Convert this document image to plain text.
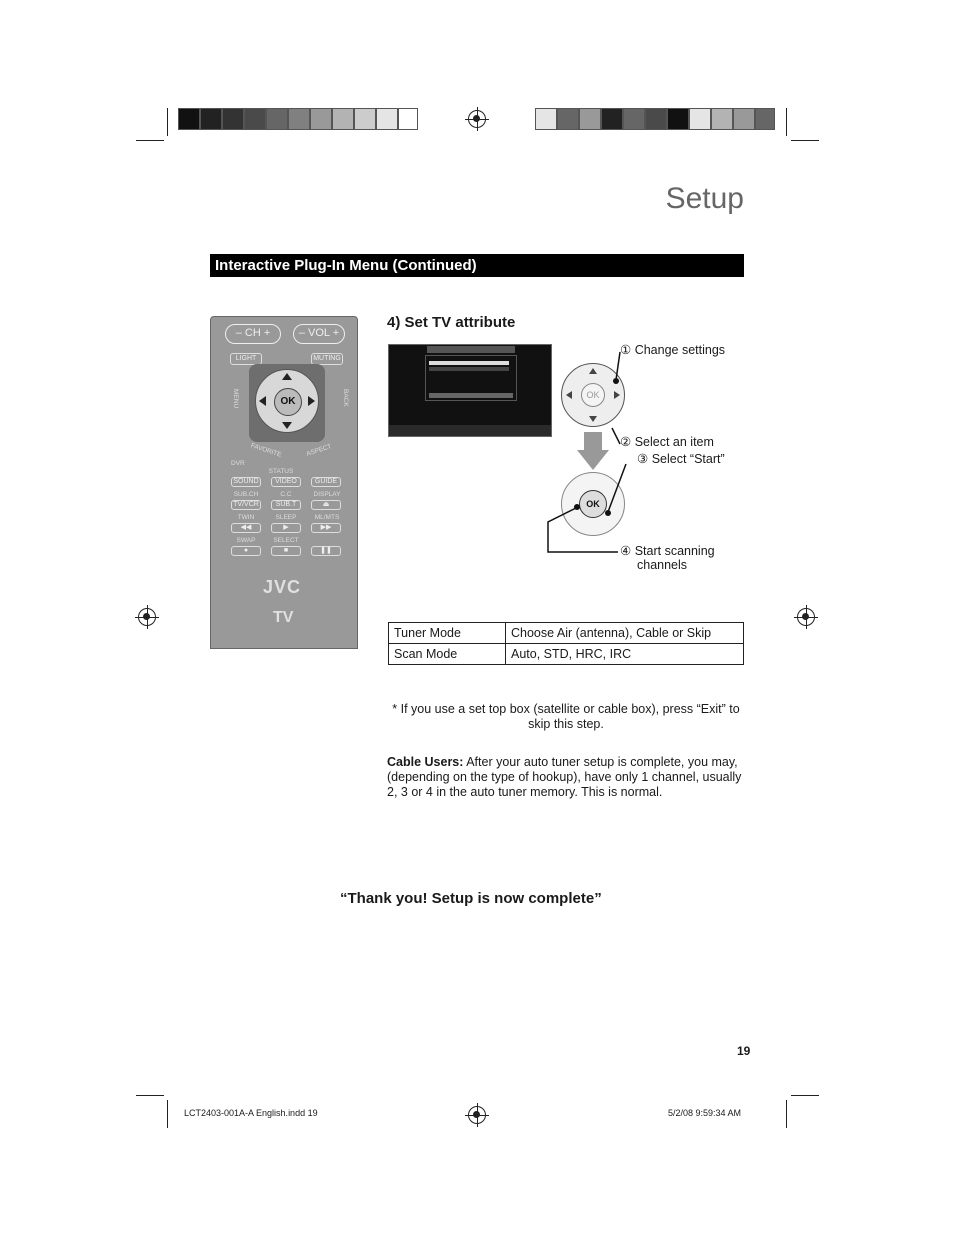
Setup
Interactive Plug-In Menu (Continued)
4) Set TV attribute
– CH +	– VOL +
LIGHT	MUTING
OK
MENU	BACK
FAVORITE	ASPECT
DVR
STATUS
SOUND	VIDEO	GUIDE
SUB.CH	C.C	DISPLAY
TV/VCR	SUB.T	⏏
TWIN	SLEEP	ML/MTS
◀◀	▶	▶▶
SWAP	SELECT
●	■	❚❚
JVC
TV
OK
OK
① Change settings
② Select an item
③ Select “Start”
④ Start scanning
channels
Tuner Mode	Choose Air (antenna), Cable or Skip
Scan Mode	Auto, STD, HRC, IRC
* If you use a set top box (satellite or cable box), press “Exit” to
skip this step.
Cable Users: After your auto tuner setup is complete, you may,
(depending on the type of hookup), have only 1 channel, usually
2, 3 or 4 in the auto tuner memory. This is normal.
“Thank you! Setup is now complete”
19
LCT2403-001A-A English.indd 19	5/2/08 9:59:34 AM
